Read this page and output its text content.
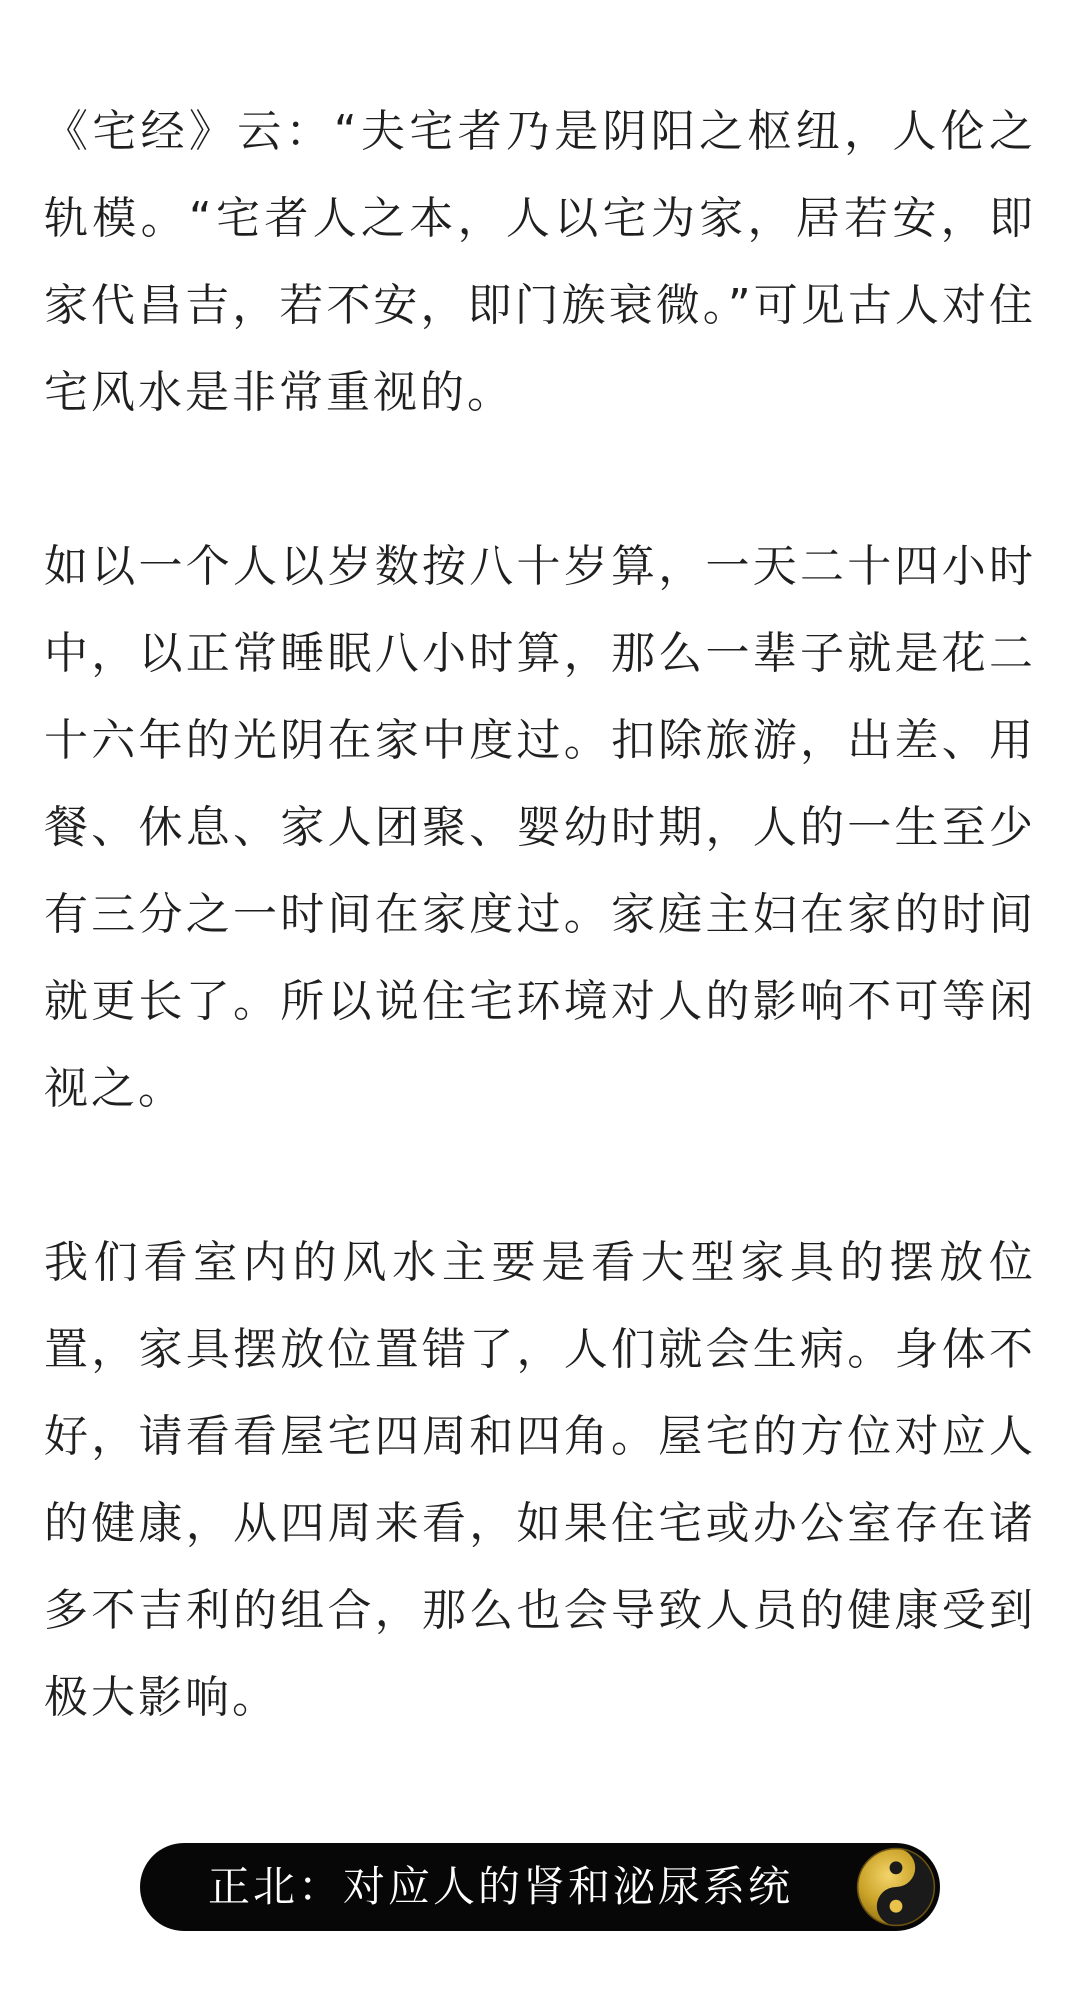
《宅经》云：“夫宅者乃是阴阳之枢纽，人伦之轨模。“宅者人之本，人以宅为家，居若安，即家代昌吉，若不安，即门族衰微。”可见古人对住宅风水是非常重视的。

如以一个人以岁数按八十岁算，一天二十四小时中，以正常睡眠八小时算，那么一辈子就是花二十六年的光阴在家中度过。扣除旅游，出差、用餐、休息、家人团聚、婴幼时期，人的一生至少有三分之一时间在家度过。家庭主妇在家的时间就更长了。所以说住宅环境对人的影响不可等闲视之。

我们看室内的风水主要是看大型家具的摆放位置，家具摆放位置错了，人们就会生病。身体不好，请看看屋宅四周和四角。屋宅的方位对应人的健康，从四周来看，如果住宅或办公室存在诸多不吉利的组合，那么也会导致人员的健康受到极大影响。

正北：对应人的肾和泌尿系统
